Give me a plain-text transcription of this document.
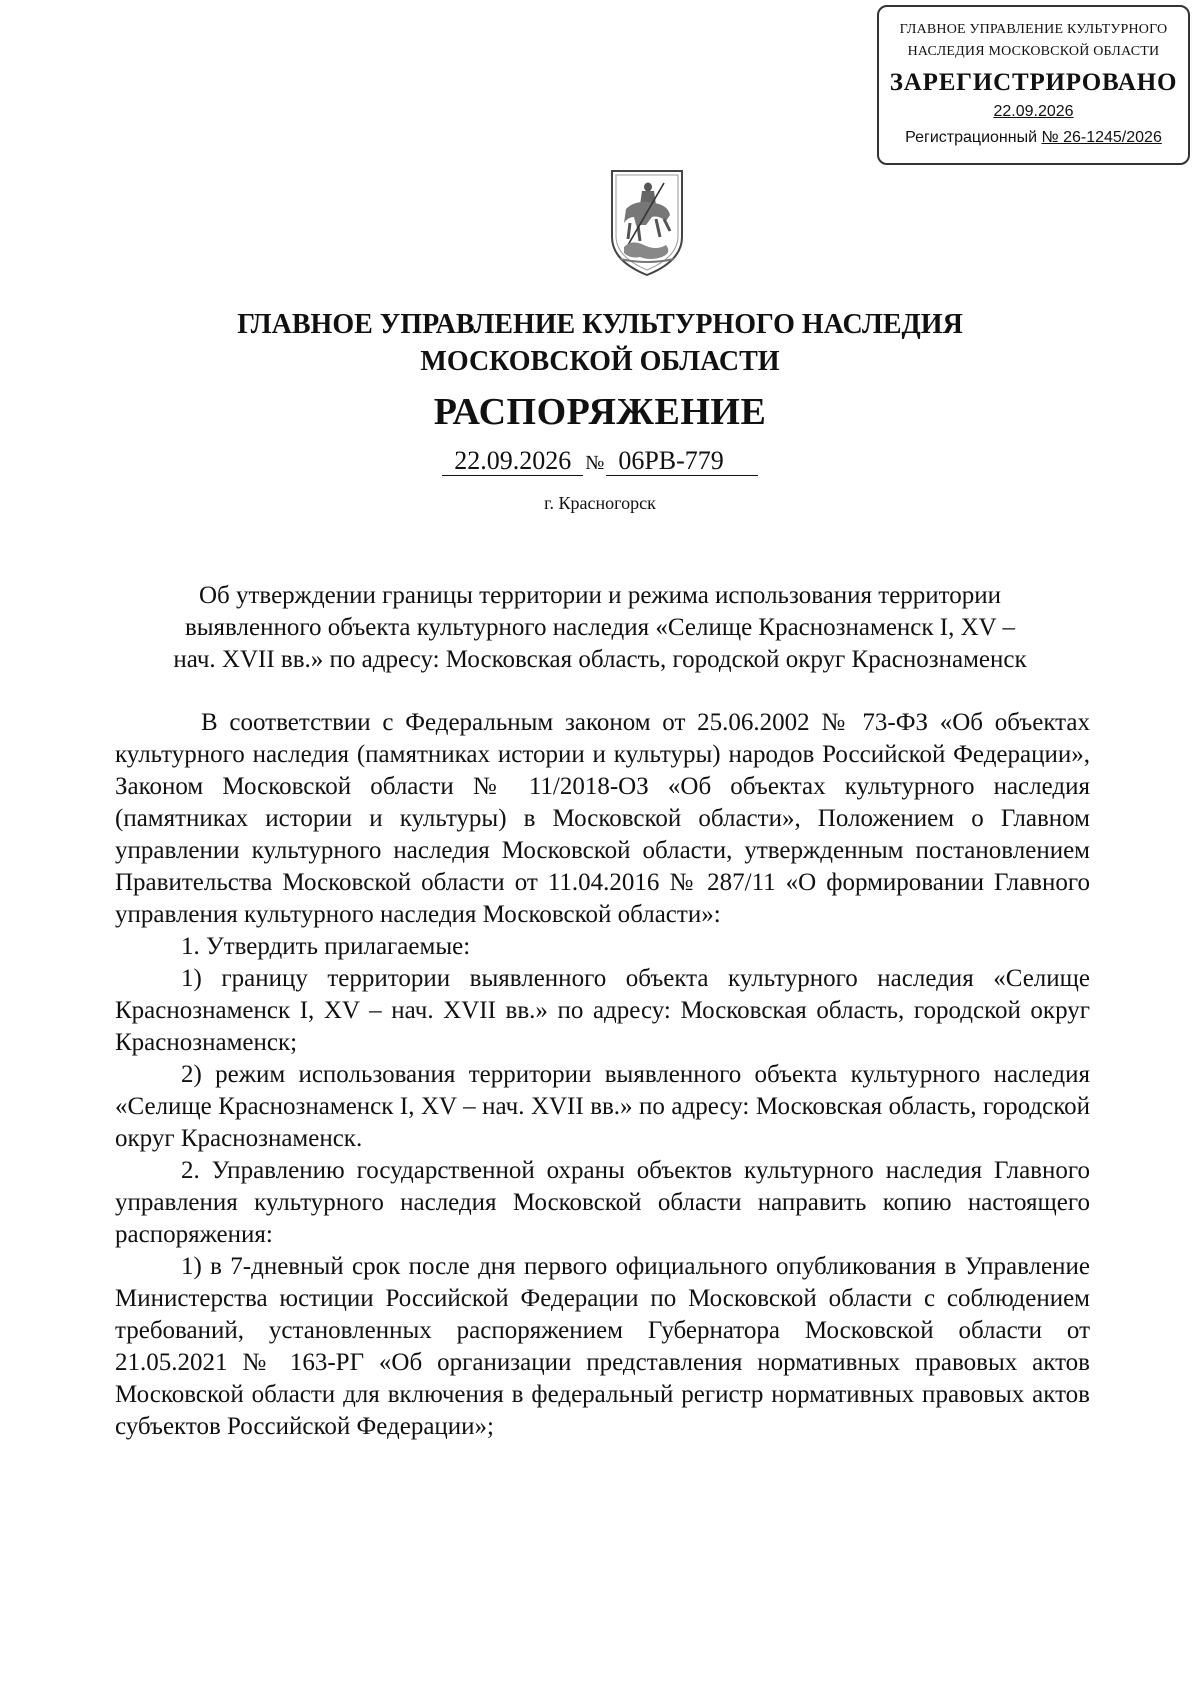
ГЛАВНОЕ УПРАВЛЕНИЕ КУЛЬТУРНОГО
НАСЛЕДИЯ МОСКОВСКОЙ ОБЛАСТИ
ЗАРЕГИСТРИРОВАНО
22.09.2026
Регистрационный № 26-1245/2026
ГЛАВНОЕ УПРАВЛЕНИЕ КУЛЬТУРНОГО НАСЛЕДИЯ
МОСКОВСКОЙ ОБЛАСТИ
РАСПОРЯЖЕНИЕ
22.09.2026 № 06РВ-779
г. Красногорск
Об утверждении границы территории и режима использования территории
выявленного объекта культурного наследия «Селище Краснознаменск I, XV –
нач. XVII вв.» по адресу: Московская область, городской округ Краснознаменск

В соответствии с Федеральным законом от 25.06.2002 № 73-ФЗ «Об объектах культурного наследия (памятниках истории и культуры) народов Российской Федерации», Законом Московской области № 11/2018-ОЗ «Об объектах культурного наследия (памятниках истории и культуры) в Московской области», Положением о Главном управлении культурного наследия Московской области, утвержденным постановлением Правительства Московской области от 11.04.2016 № 287/11 «О формировании Главного управления культурного наследия Московской области»:

1. Утвердить прилагаемые:

1) границу территории выявленного объекта культурного наследия «Селище Краснознаменск I, XV – нач. XVII вв.» по адресу: Московская область, городской округ Краснознаменск;

2) режим использования территории выявленного объекта культурного наследия «Селище Краснознаменск I, XV – нач. XVII вв.» по адресу: Московская область, городской округ Краснознаменск.

2. Управлению государственной охраны объектов культурного наследия Главного управления культурного наследия Московской области направить копию настоящего распоряжения:

1) в 7-дневный срок после дня первого официального опубликования в Управление Министерства юстиции Российской Федерации по Московской области с соблюдением требований, установленных распоряжением Губернатора Московской области от 21.05.2021 № 163-РГ «Об организации представления нормативных правовых актов Московской области для включения в федеральный регистр нормативных правовых актов субъектов Российской Федерации»;
